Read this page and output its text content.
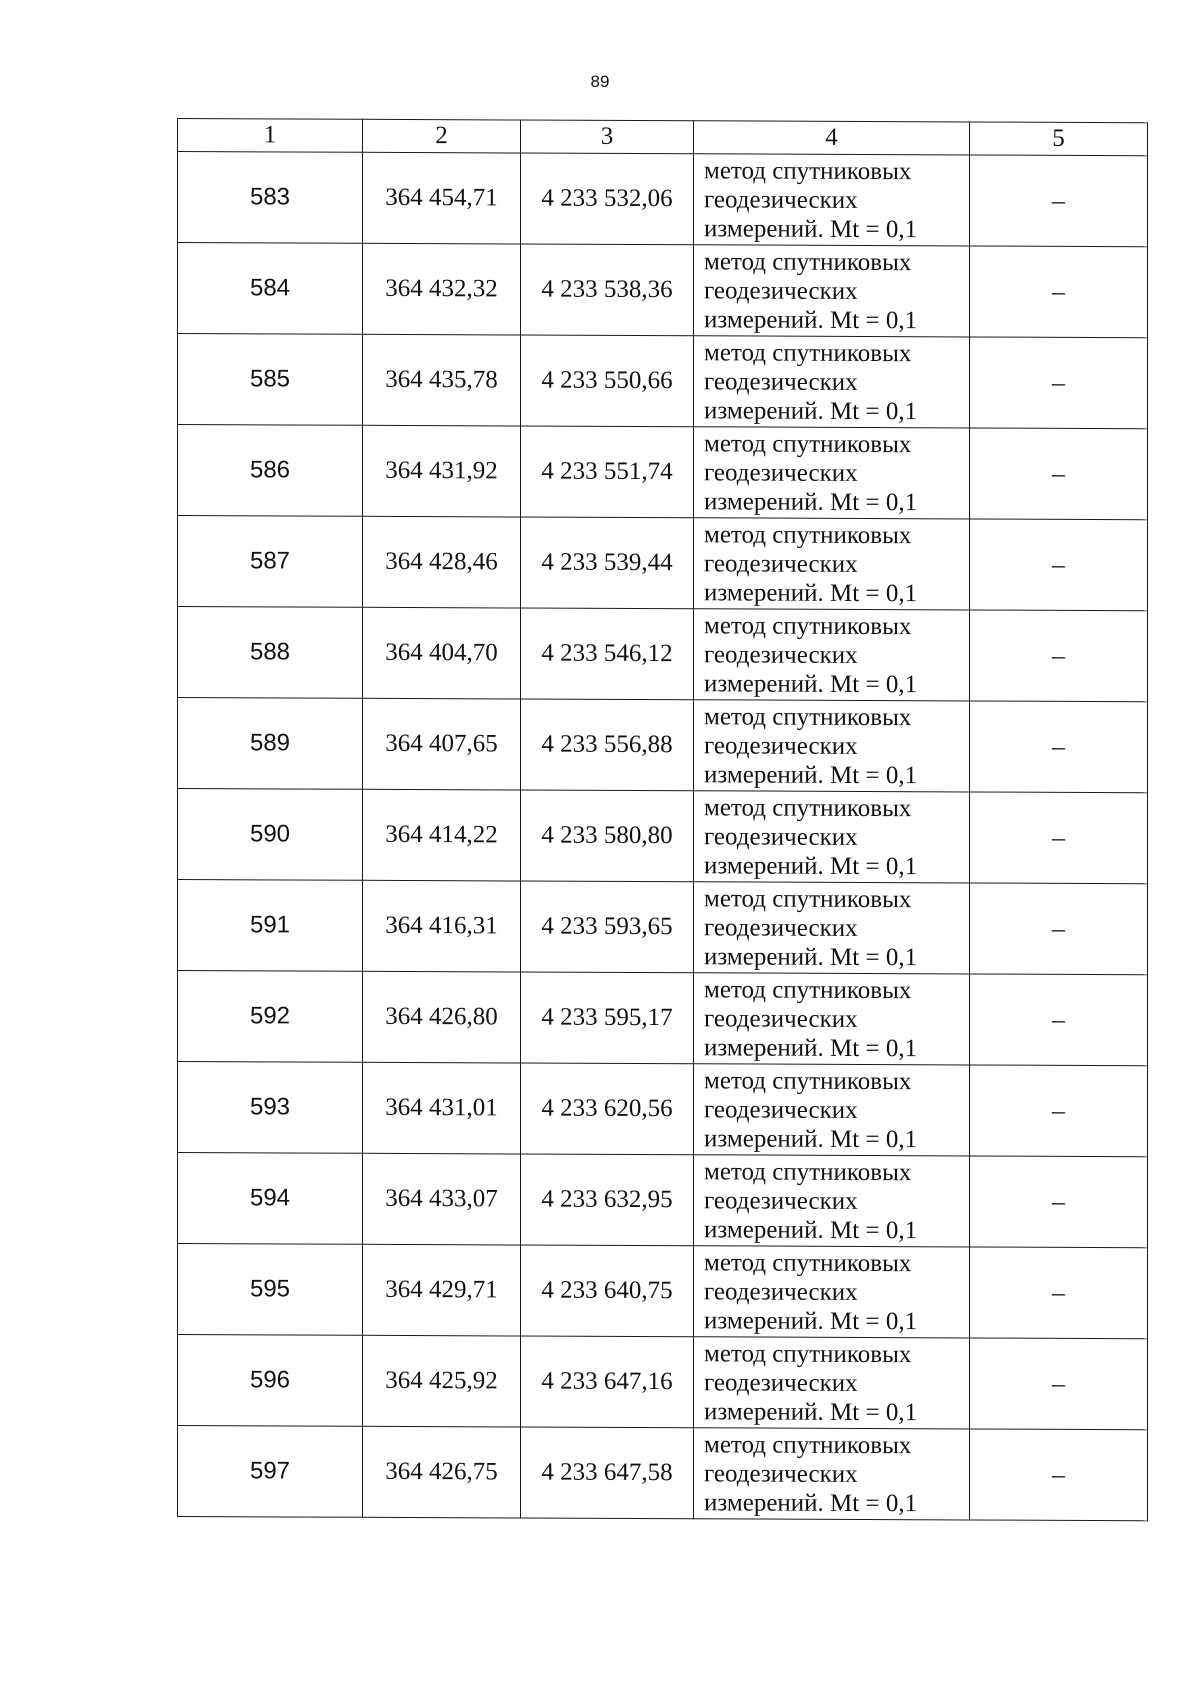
89
1	2	3	4	5
583	364 454,71	4 233 532,06	метод спутниковых
геодезических
измерений. Mt = 0,1	–
584	364 432,32	4 233 538,36	метод спутниковых
геодезических
измерений. Mt = 0,1	–
585	364 435,78	4 233 550,66	метод спутниковых
геодезических
измерений. Mt = 0,1	–
586	364 431,92	4 233 551,74	метод спутниковых
геодезических
измерений. Mt = 0,1	–
587	364 428,46	4 233 539,44	метод спутниковых
геодезических
измерений. Mt = 0,1	–
588	364 404,70	4 233 546,12	метод спутниковых
геодезических
измерений. Mt = 0,1	–
589	364 407,65	4 233 556,88	метод спутниковых
геодезических
измерений. Mt = 0,1	–
590	364 414,22	4 233 580,80	метод спутниковых
геодезических
измерений. Mt = 0,1	–
591	364 416,31	4 233 593,65	метод спутниковых
геодезических
измерений. Mt = 0,1	–
592	364 426,80	4 233 595,17	метод спутниковых
геодезических
измерений. Mt = 0,1	–
593	364 431,01	4 233 620,56	метод спутниковых
геодезических
измерений. Mt = 0,1	–
594	364 433,07	4 233 632,95	метод спутниковых
геодезических
измерений. Mt = 0,1	–
595	364 429,71	4 233 640,75	метод спутниковых
геодезических
измерений. Mt = 0,1	–
596	364 425,92	4 233 647,16	метод спутниковых
геодезических
измерений. Mt = 0,1	–
597	364 426,75	4 233 647,58	метод спутниковых
геодезических
измерений. Mt = 0,1	–
